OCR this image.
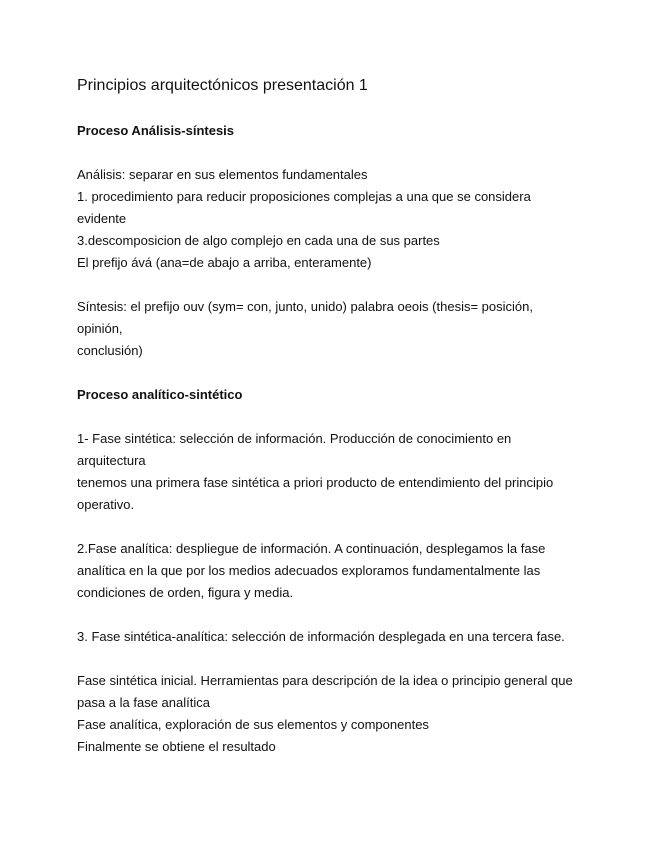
Principios arquitectónicos presentación 1
Proceso Análisis-síntesis
Análisis: separar en sus elementos fundamentales
1. procedimiento para reducir proposiciones complejas a una que se considera evidente
3.descomposicion de algo complejo en cada una de sus partes
El prefijo ává (ana=de abajo a arriba, enteramente)
Síntesis: el prefijo ouv (sym= con, junto, unido) palabra oeois (thesis= posición, opinión,
conclusión)
Proceso analítico-sintético
1- Fase sintética: selección de información. Producción de conocimiento en arquitectura
tenemos una primera fase sintética a priori producto de entendimiento del principio
operativo.
2.Fase analítica: despliegue de información. A continuación, desplegamos la fase
analítica en la que por los medios adecuados exploramos fundamentalmente las
condiciones de orden, figura y media.
3. Fase sintética-analítica: selección de información desplegada en una tercera fase.
Fase sintética inicial. Herramientas para descripción de la idea o principio general que
pasa a la fase analítica
Fase analítica, exploración de sus elementos y componentes
Finalmente se obtiene el resultado
